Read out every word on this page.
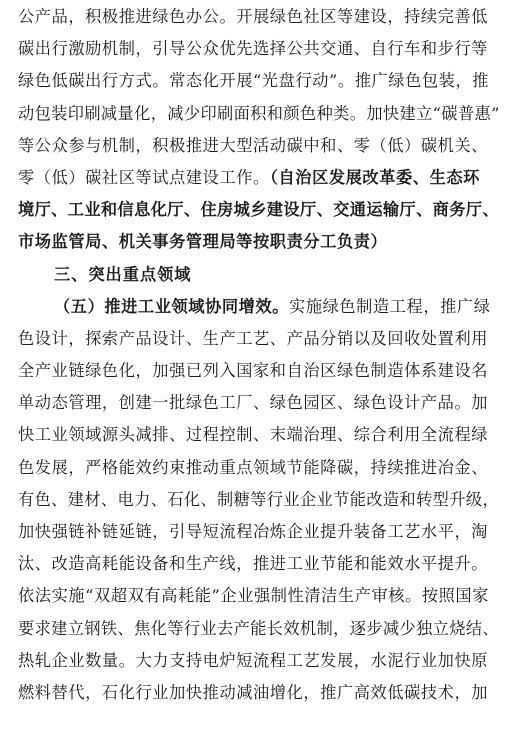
公产品，积极推进绿色办公。开展绿色社区等建设，持续完善低
碳出行激励机制，引导公众优先选择公共交通、自行车和步行等
绿色低碳出行方式。常态化开展“光盘行动”。推广绿色包装，推
动包装印刷减量化，减少印刷面积和颜色种类。加快建立“碳普惠”
等公众参与机制，积极推进大型活动碳中和、零（低）碳机关、
零（低）碳社区等试点建设工作。（自治区发展改革委、生态环
境厅、工业和信息化厅、住房城乡建设厅、交通运输厅、商务厅、
市场监管局、机关事务管理局等按职责分工负责）
三、突出重点领域
（五）推进工业领域协同增效。实施绿色制造工程，推广绿
色设计，探索产品设计、生产工艺、产品分销以及回收处置利用
全产业链绿色化，加强已列入国家和自治区绿色制造体系建设名
单动态管理，创建一批绿色工厂、绿色园区、绿色设计产品。加
快工业领域源头减排、过程控制、末端治理、综合利用全流程绿
色发展，严格能效约束推动重点领域节能降碳，持续推进冶金、
有色、建材、电力、石化、制糖等行业企业节能改造和转型升级，
加快强链补链延链，引导短流程冶炼企业提升装备工艺水平，淘
汰、改造高耗能设备和生产线，推进工业节能和能效水平提升。
依法实施“双超双有高耗能”企业强制性清洁生产审核。按照国家
要求建立钢铁、焦化等行业去产能长效机制，逐步减少独立烧结、
热轧企业数量。大力支持电炉短流程工艺发展，水泥行业加快原
燃料替代，石化行业加快推动减油增化，推广高效低碳技术，加
